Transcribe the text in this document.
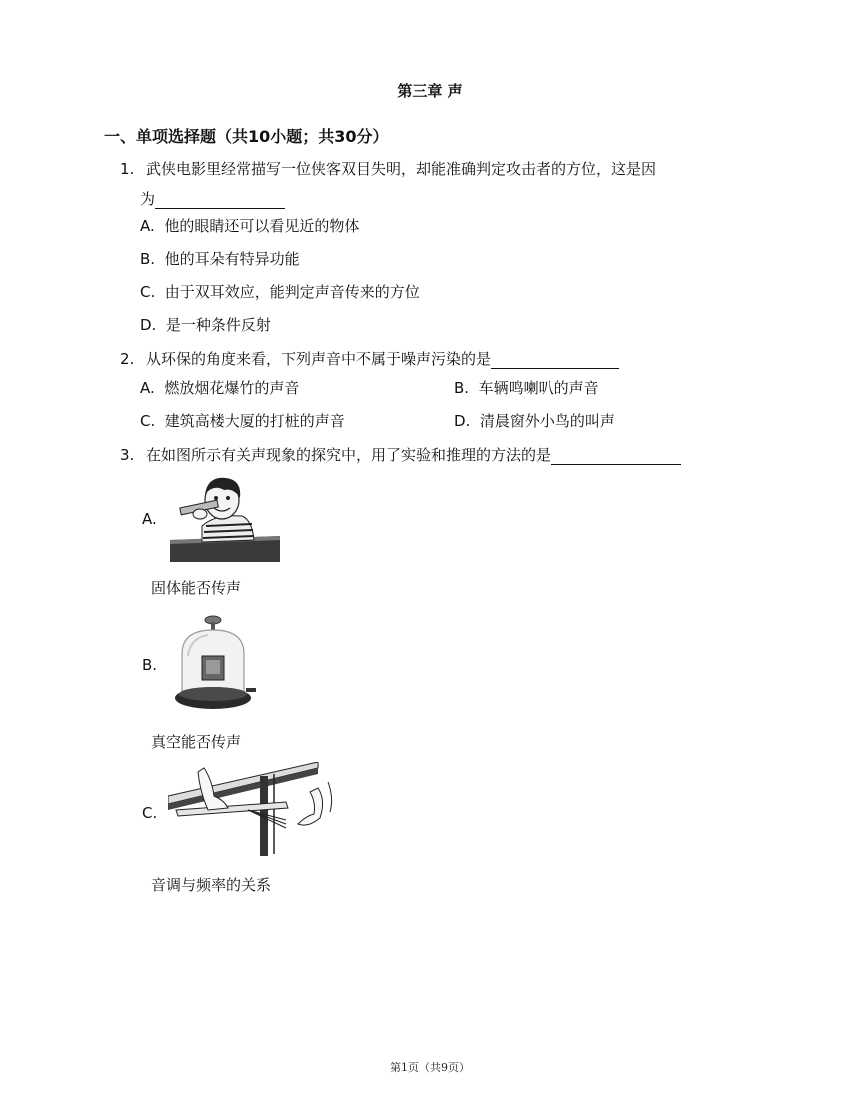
第三章 声
一、单项选择题（共10小题；共30分）
1. 武侠电影里经常描写一位侠客双目失明，却能准确判定攻击者的方位，这是因
为
A. 他的眼睛还可以看见近的物体
B. 他的耳朵有特异功能
C. 由于双耳效应，能判定声音传来的方位
D. 是一种条件反射
2. 从环保的角度来看，下列声音中不属于噪声污染的是
A. 燃放烟花爆竹的声音	B. 车辆鸣喇叭的声音
C. 建筑高楼大厦的打桩的声音	D. 清晨窗外小鸟的叫声
3. 在如图所示有关声现象的探究中，用了实验和推理的方法的是
A.
固体能否传声
B.
真空能否传声
C.
音调与频率的关系
第1页（共9页）
